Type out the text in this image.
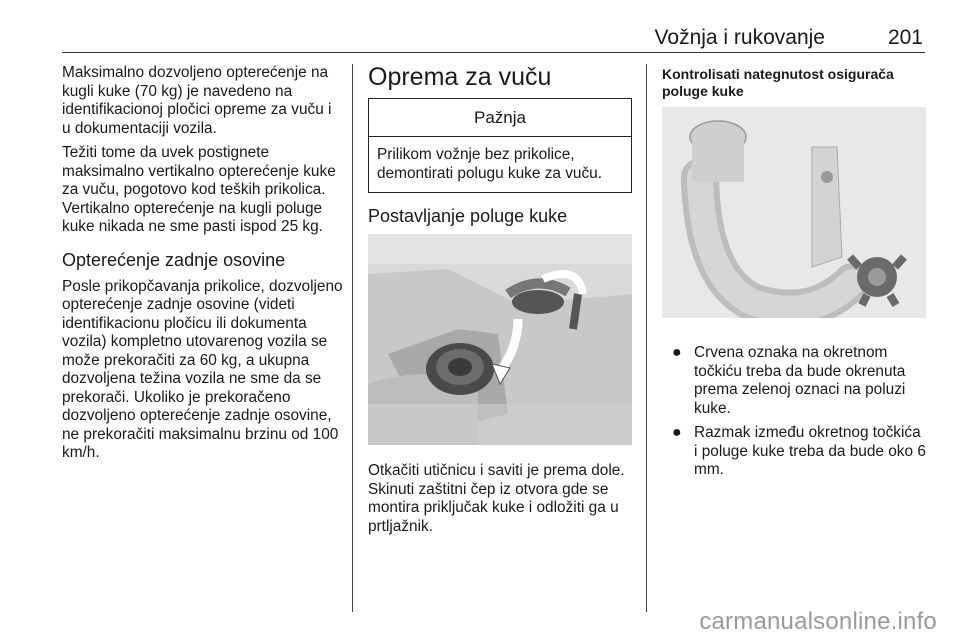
Vožnja i rukovanje	201

Maksimalno dozvoljeno opterećenje na kugli kuke (70 kg) je navedeno na identifikacionoj pločici opreme za vuču i u dokumentaciji vozila.

Težiti tome da uvek postignete maksimalno vertikalno opterećenje kuke za vuču, pogotovo kod teških prikolica. Vertikalno opterećenje na kugli poluge kuke nikada ne sme pasti ispod 25 kg.

Opterećenje zadnje osovine

Posle prikopčavanja prikolice, dozvoljeno opterećenje zadnje osovine (videti identifikacionu pločicu ili dokumenta vozila) kompletno utovarenog vozila se može prekoračiti za 60 kg, a ukupna dozvoljena težina vozila ne sme da se prekorači. Ukoliko je prekoračeno dozvoljeno opterećenje zadnje osovine, ne prekoračiti maksimalnu brzinu od 100 km/h.

Oprema za vuču
Pažnja

Prilikom vožnje bez prikolice, demontirati polugu kuke za vuču.

Postavljanje poluge kuke

Otkačiti utičnicu i saviti je prema dole. Skinuti zaštitni čep iz otvora gde se montira priključak kuke i odložiti ga u prtljažnik.

Kontrolisati nategnutost osigurača poluge kuke
● Crvena oznaka na okretnom točkiću treba da bude okrenuta prema zelenoj oznaci na poluzi kuke.

● Razmak između okretnog točkića i poluge kuke treba da bude oko 6 mm.

carmanualsonline.info
